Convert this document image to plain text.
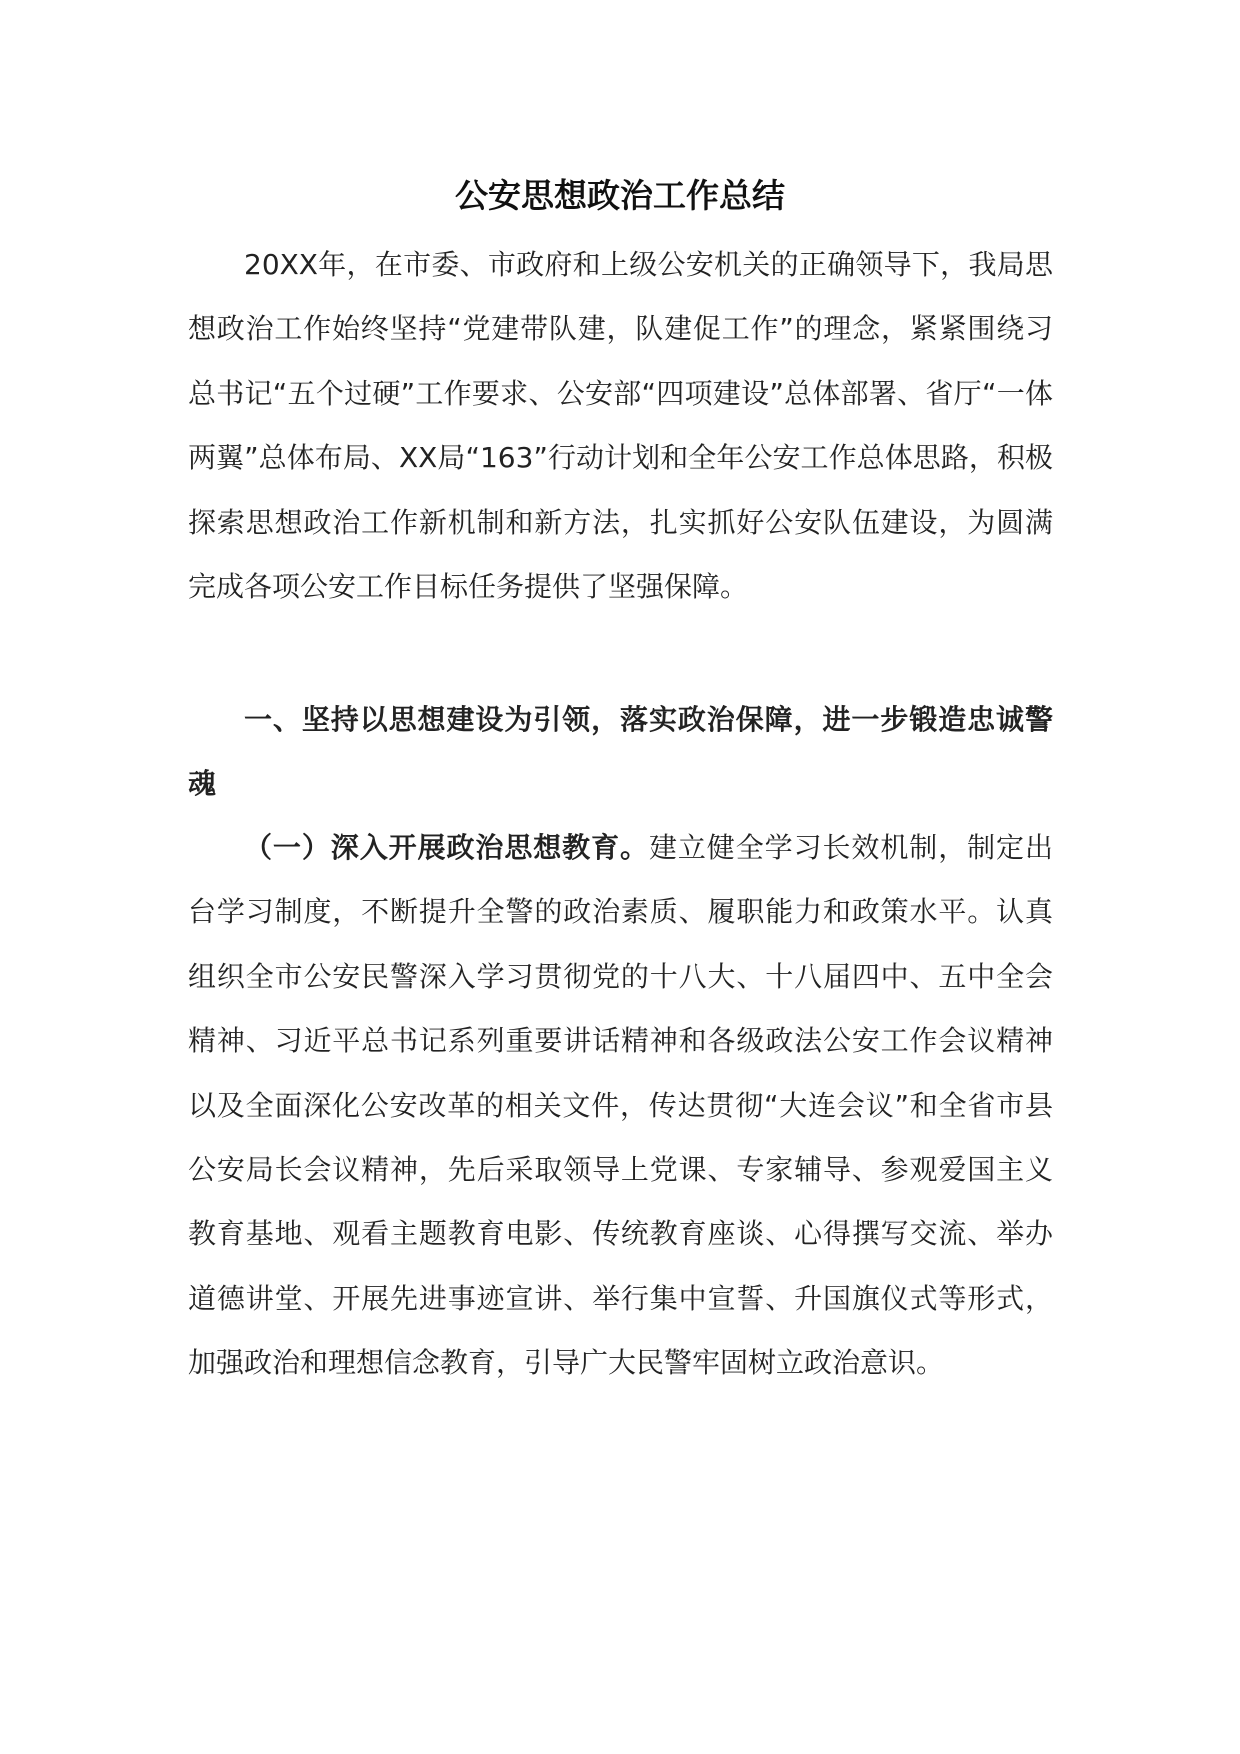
公安思想政治工作总结

20XX年，在市委、市政府和上级公安机关的正确领导下，我局思想政治工作始终坚持“党建带队建，队建促工作”的理念，紧紧围绕习总书记“五个过硬”工作要求、公安部“四项建设”总体部署、省厅“一体两翼”总体布局、XX局“163”行动计划和全年公安工作总体思路，积极探索思想政治工作新机制和新方法，扎实抓好公安队伍建设，为圆满完成各项公安工作目标任务提供了坚强保障。

一、坚持以思想建设为引领，落实政治保障，进一步锻造忠诚警魂

（一）深入开展政治思想教育。建立健全学习长效机制，制定出台学习制度，不断提升全警的政治素质、履职能力和政策水平。认真组织全市公安民警深入学习贯彻党的十八大、十八届四中、五中全会精神、习近平总书记系列重要讲话精神和各级政法公安工作会议精神以及全面深化公安改革的相关文件，传达贯彻“大连会议”和全省市县公安局长会议精神，先后采取领导上党课、专家辅导、参观爱国主义教育基地、观看主题教育电影、传统教育座谈、心得撰写交流、举办道德讲堂、开展先进事迹宣讲、举行集中宣誓、升国旗仪式等形式，加强政治和理想信念教育，引导广大民警牢固树立政治意识。
